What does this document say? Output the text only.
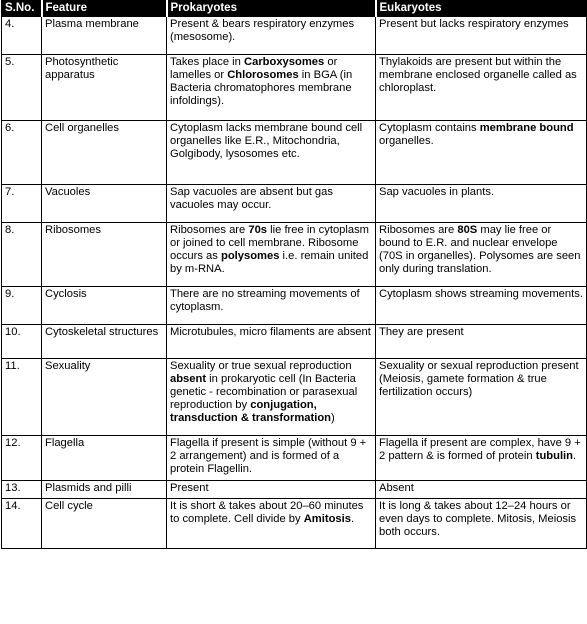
S.No.	Feature	Prokaryotes	Eukaryotes
4.	Plasma membrane	Present & bears respiratory enzymes (mesosome).	Present but lacks respiratory enzymes
5.	Photosynthetic apparatus	Takes place in Carboxysomes or lamelles or Chlorosomes in BGA (in Bacteria chromatophores membrane infoldings).	Thylakoids are present but within the membrane enclosed organelle called as chloroplast.
6.	Cell organelles	Cytoplasm lacks membrane bound cell organelles like E.R., Mitochondria, Golgibody, lysosomes etc.	Cytoplasm contains membrane bound organelles.
7.	Vacuoles	Sap vacuoles are absent but gas vacuoles may occur.	Sap vacuoles in plants.
8.	Ribosomes	Ribosomes are 70s lie free in cytoplasm or joined to cell membrane. Ribosome occurs as polysomes i.e. remain united by m-RNA.	Ribosomes are 80S may lie free or bound to E.R. and nuclear envelope (70S in organelles). Polysomes are seen only during translation.
9.	Cyclosis	There are no streaming movements of cytoplasm.	Cytoplasm shows streaming movements.
10.	Cytoskeletal structures	Microtubules, micro filaments are absent	They are present
11.	Sexuality	Sexuality or true sexual reproduction absent in prokaryotic cell (In Bacteria genetic - recombination or parasexual reproduction by conjugation, transduction & transformation)	Sexuality or sexual reproduction present (Meiosis, gamete formation & true fertilization occurs)
12.	Flagella	Flagella if present is simple (without 9 + 2 arrangement) and is formed of a protein Flagellin.	Flagella if present are complex, have 9 + 2 pattern & is formed of protein tubulin.
13.	Plasmids and pilli	Present	Absent
14.	Cell cycle	It is short & takes about 20–60 minutes to complete. Cell divide by Amitosis.	It is long & takes about 12–24 hours or even days to complete. Mitosis, Meiosis both occurs.
